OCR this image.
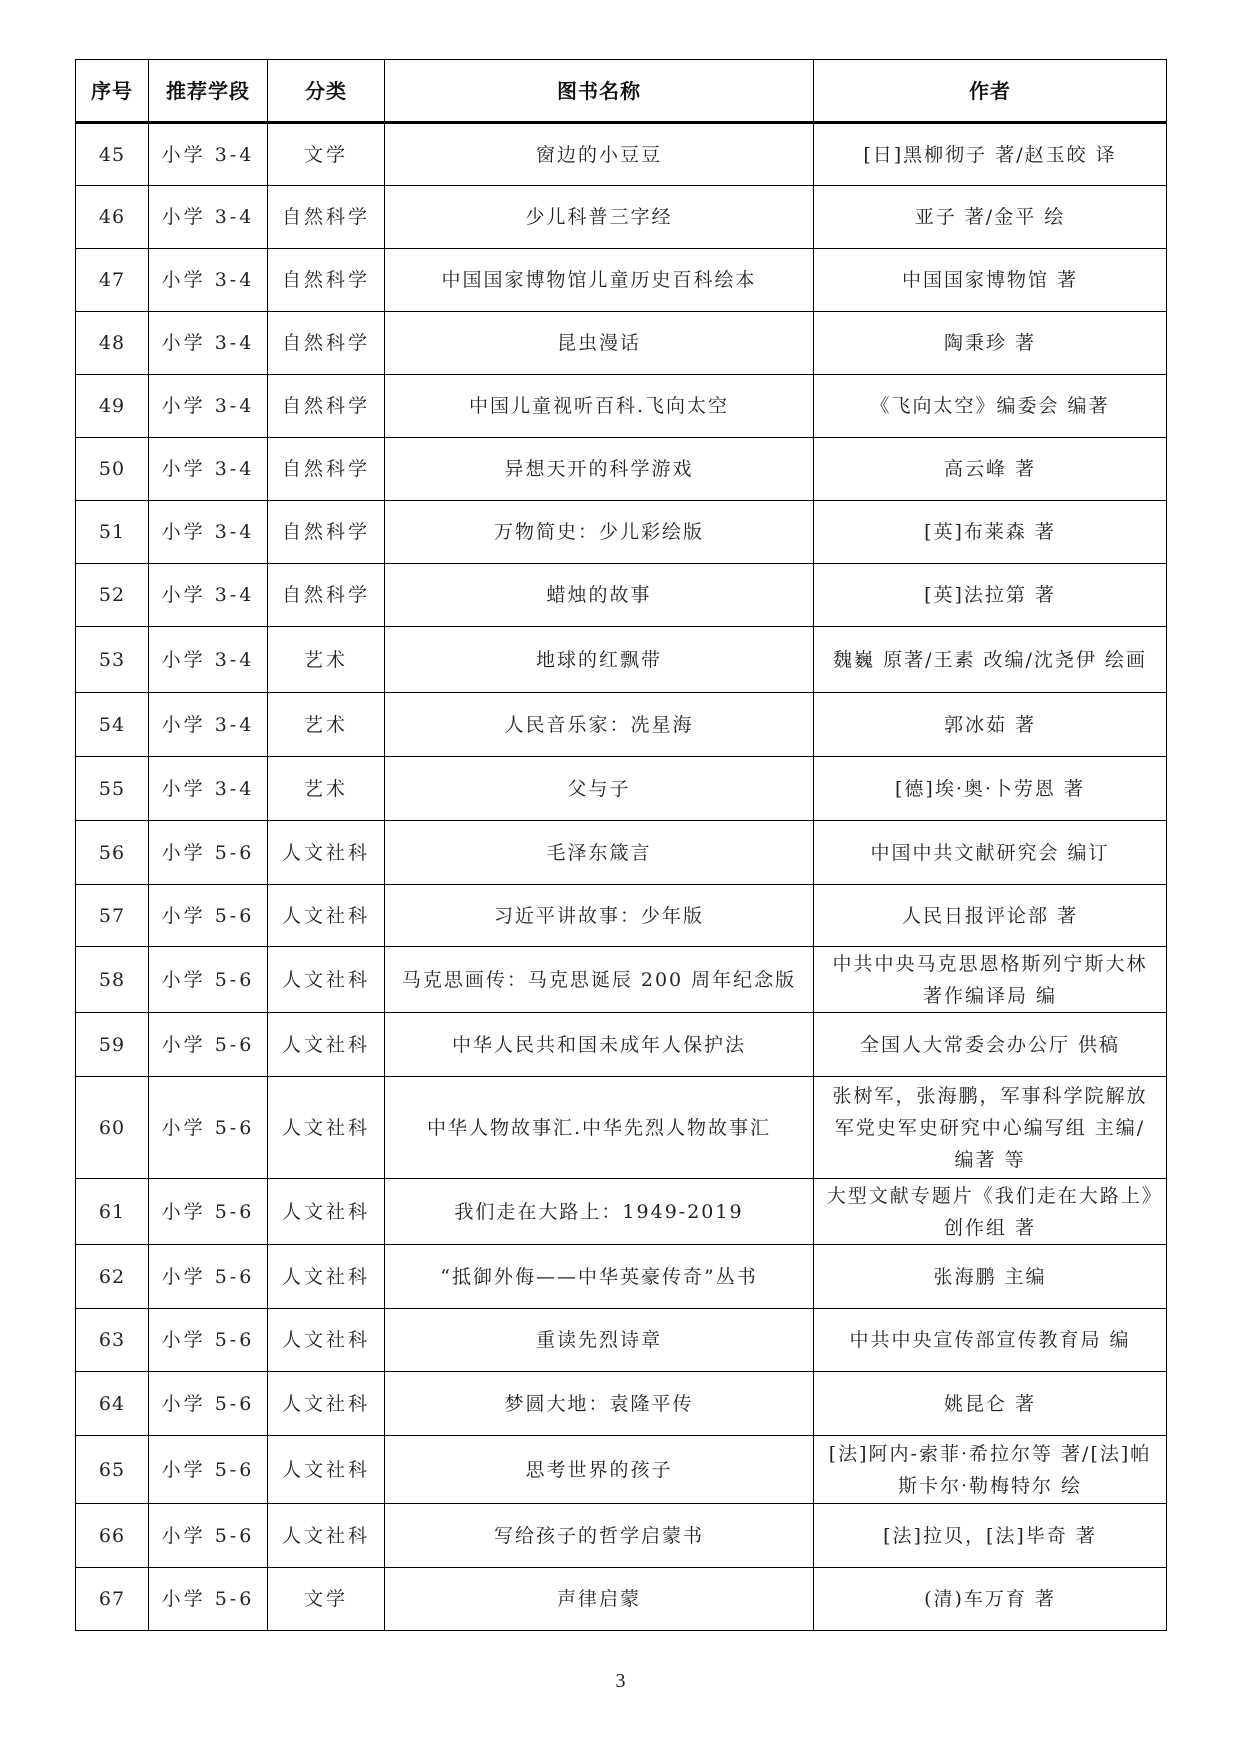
序号	推荐学段	分类	图书名称	作者
45	小学 3-4	文学	窗边的小豆豆	[日]黑柳彻子 著/赵玉皎 译
46	小学 3-4	自然科学	少儿科普三字经	亚子 著/金平 绘
47	小学 3-4	自然科学	中国国家博物馆儿童历史百科绘本	中国国家博物馆 著
48	小学 3-4	自然科学	昆虫漫话	陶秉珍 著
49	小学 3-4	自然科学	中国儿童视听百科.飞向太空	《飞向太空》编委会 编著
50	小学 3-4	自然科学	异想天开的科学游戏	高云峰 著
51	小学 3-4	自然科学	万物简史：少儿彩绘版	[英]布莱森 著
52	小学 3-4	自然科学	蜡烛的故事	[英]法拉第 著
53	小学 3-4	艺术	地球的红飘带	魏巍 原著/王素 改编/沈尧伊 绘画
54	小学 3-4	艺术	人民音乐家：冼星海	郭冰茹 著
55	小学 3-4	艺术	父与子	[德]埃·奥·卜劳恩 著
56	小学 5-6	人文社科	毛泽东箴言	中国中共文献研究会 编订
57	小学 5-6	人文社科	习近平讲故事：少年版	人民日报评论部 著
58	小学 5-6	人文社科	马克思画传：马克思诞辰 200 周年纪念版	中共中央马克思恩格斯列宁斯大林著作编译局 编
59	小学 5-6	人文社科	中华人民共和国未成年人保护法	全国人大常委会办公厅 供稿
60	小学 5-6	人文社科	中华人物故事汇.中华先烈人物故事汇	张树军，张海鹏，军事科学院解放军党史军史研究中心编写组 主编/编著 等
61	小学 5-6	人文社科	我们走在大路上：1949-2019	大型文献专题片《我们走在大路上》创作组 著
62	小学 5-6	人文社科	“抵御外侮——中华英豪传奇”丛书	张海鹏 主编
63	小学 5-6	人文社科	重读先烈诗章	中共中央宣传部宣传教育局 编
64	小学 5-6	人文社科	梦圆大地：袁隆平传	姚昆仑 著
65	小学 5-6	人文社科	思考世界的孩子	[法]阿内-索菲·希拉尔等 著/[法]帕斯卡尔·勒梅特尔 绘
66	小学 5-6	人文社科	写给孩子的哲学启蒙书	[法]拉贝，[法]毕奇 著
67	小学 5-6	文学	声律启蒙	(清)车万育 著
3
